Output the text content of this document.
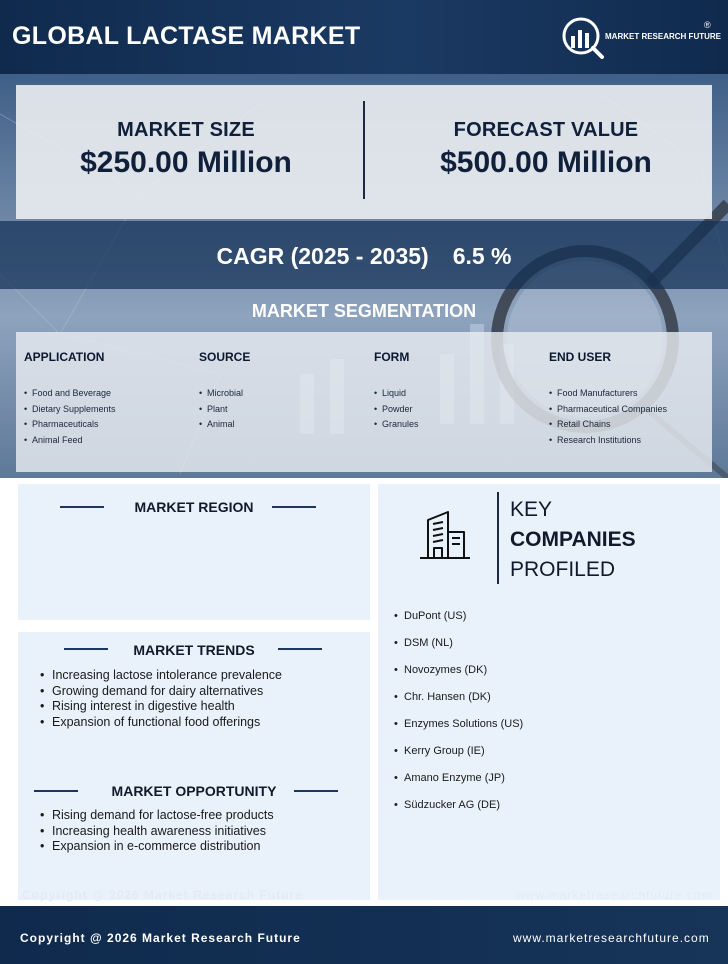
GLOBAL LACTASE MARKET	MARKET RESEARCH FUTURE
®
MARKET SIZE
$250.00 Million
FORECAST VALUE
$500.00 Million
CAGR (2025 - 2035) 6.5 %
MARKET SEGMENTATION
APPLICATION
• Food and Beverage
• Dietary Supplements
• Pharmaceuticals
• Animal Feed
SOURCE
• Microbial
• Plant
• Animal
FORM
• Liquid
• Powder
• Granules
END USER
• Food Manufacturers
• Pharmaceutical Companies
• Retail Chains
• Research Institutions
MARKET REGION
MARKET TRENDS
• Increasing lactose intolerance prevalence
• Growing demand for dairy alternatives
• Rising interest in digestive health
• Expansion of functional food offerings
MARKET OPPORTUNITY
• Rising demand for lactose-free products
• Increasing health awareness initiatives
• Expansion in e-commerce distribution
KEY
COMPANIES
PROFILED
• DuPont (US)
• DSM (NL)
• Novozymes (DK)
• Chr. Hansen (DK)
• Enzymes Solutions (US)
• Kerry Group (IE)
• Amano Enzyme (JP)
• Südzucker AG (DE)
Copyright @ 2026 Market Research Future	www.marketresearchfuture.com
Copyright @ 2026 Market Research Future	www.marketresearchfuture.com
